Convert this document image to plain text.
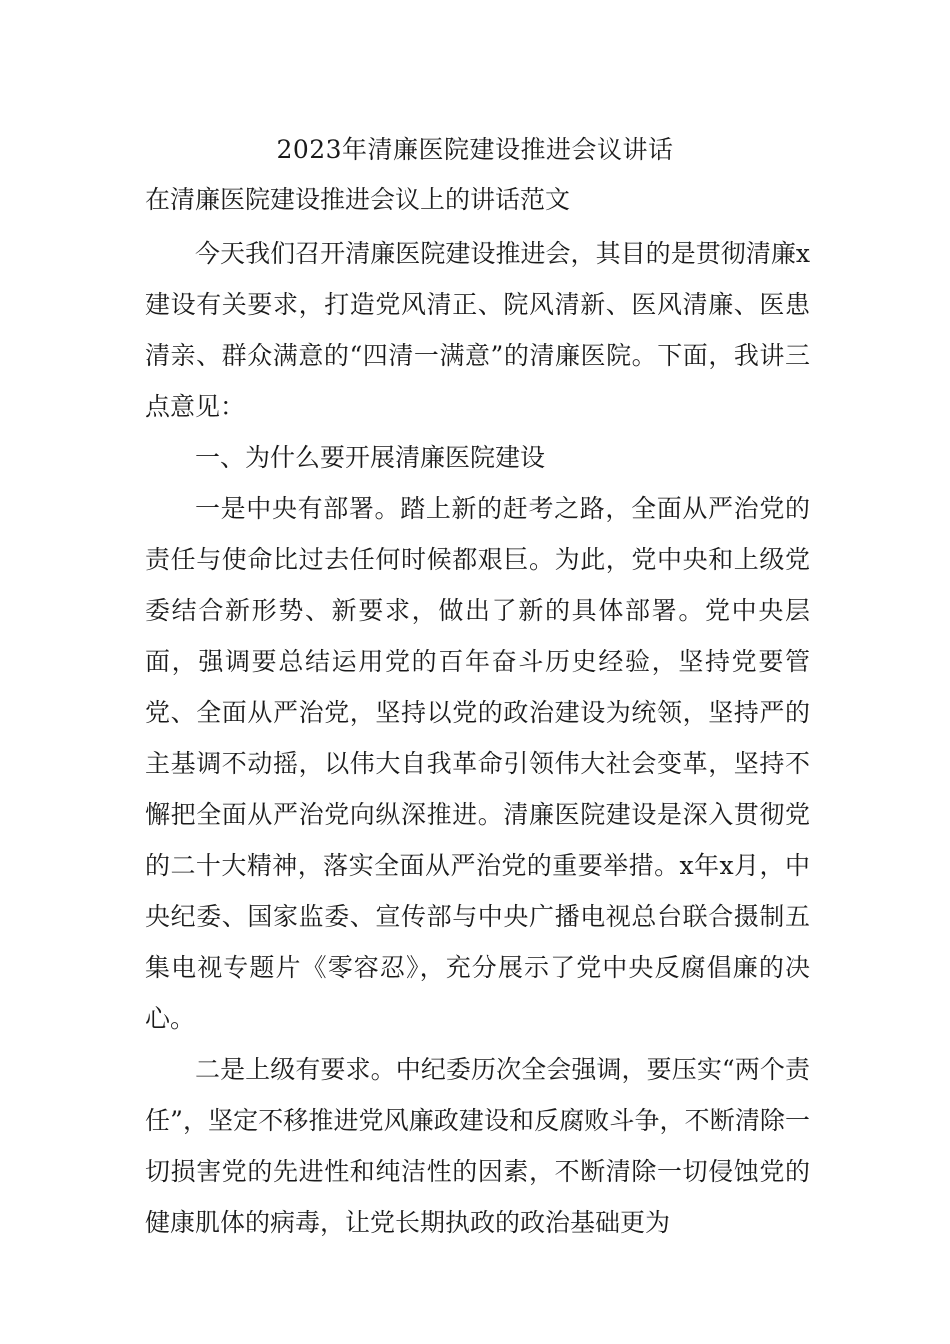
2023年清廉医院建设推进会议讲话
在清廉医院建设推进会议上的讲话范文

今天我们召开清廉医院建设推进会，其目的是贯彻清廉x建设有关要求，打造党风清正、院风清新、医风清廉、医患清亲、群众满意的“四清一满意”的清廉医院。下面，我讲三点意见：

一、为什么要开展清廉医院建设

一是中央有部署。踏上新的赶考之路，全面从严治党的责任与使命比过去任何时候都艰巨。为此，党中央和上级党委结合新形势、新要求，做出了新的具体部署。党中央层面，强调要总结运用党的百年奋斗历史经验，坚持党要管党、全面从严治党，坚持以党的政治建设为统领，坚持严的主基调不动摇，以伟大自我革命引领伟大社会变革，坚持不懈把全面从严治党向纵深推进。清廉医院建设是深入贯彻党的二十大精神，落实全面从严治党的重要举措。x年x月，中央纪委、国家监委、宣传部与中央广播电视总台联合摄制五集电视专题片《零容忍》，充分展示了党中央反腐倡廉的决心。

二是上级有要求。中纪委历次全会强调，要压实“两个责任”，坚定不移推进党风廉政建设和反腐败斗争，不断清除一切损害党的先进性和纯洁性的因素，不断清除一切侵蚀党的健康肌体的病毒，让党长期执政的政治基础更为
